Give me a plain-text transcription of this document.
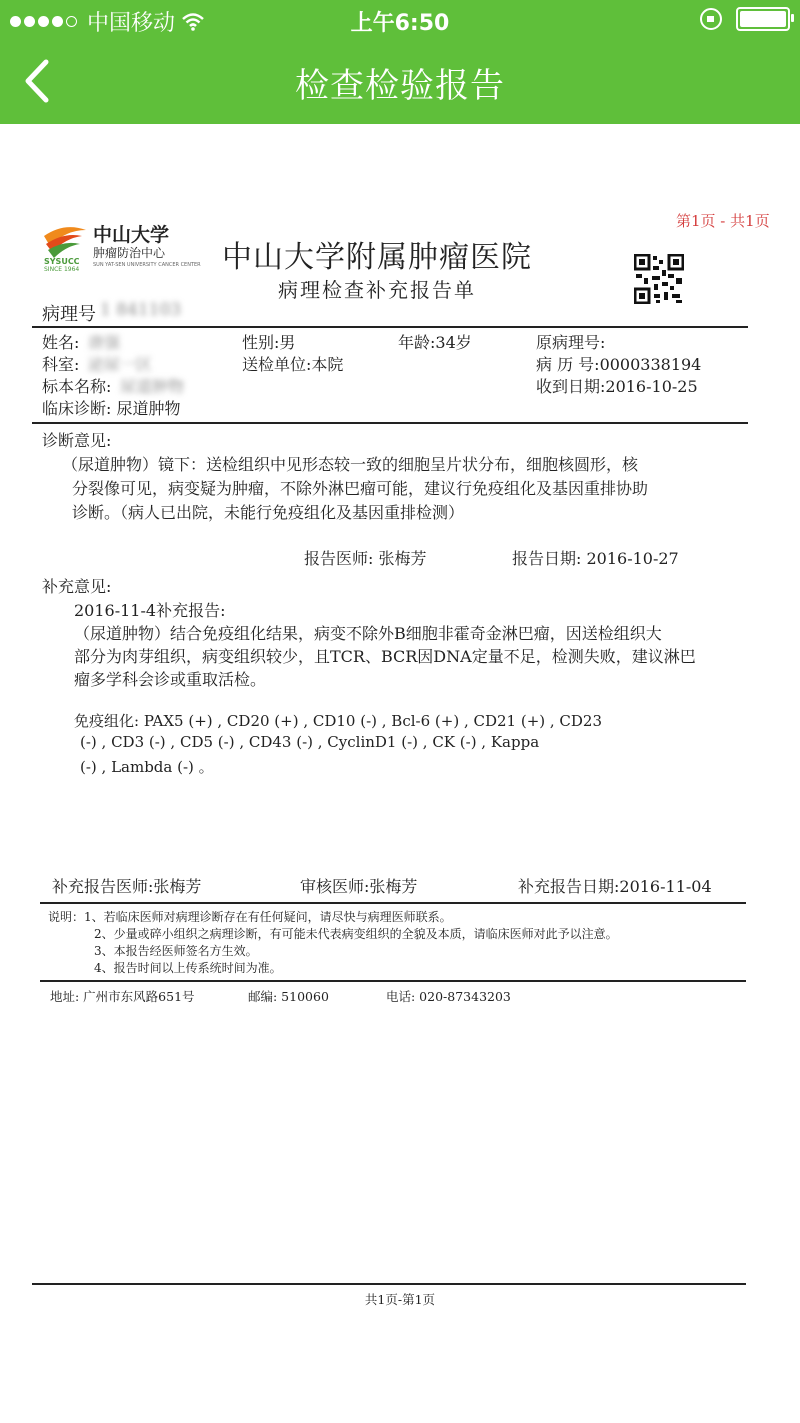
中国移动	上午6:50
检查检验报告
中山大学
肿瘤防治中心
SYSUCC
SINCE 1964
SUN YAT-SEN UNIVERSITY CANCER CENTER
第1页 - 共1页
中山大学附属肿瘤医院
病理检查补充报告单
病理号 1 841103
姓名: 唐强	性别:男	年龄:34岁	原病理号:
科室: 泌尿一区	送检单位:本院	病 历 号:0000338194
标本名称: 尿道肿物	收到日期:2016-10-25
临床诊断: 尿道肿物
诊断意见:
（尿道肿物）镜下：送检组织中见形态较一致的细胞呈片状分布，细胞核圆形，核
分裂像可见，病变疑为肿瘤，不除外淋巴瘤可能，建议行免疫组化及基因重排协助
诊断。（病人已出院，未能行免疫组化及基因重排检测）
报告医师: 张梅芳	报告日期: 2016-10-27
补充意见:
2016-11-4补充报告:
（尿道肿物）结合免疫组化结果，病变不除外B细胞非霍奇金淋巴瘤，因送检组织大
部分为肉芽组织，病变组织较少，且TCR、BCR因DNA定量不足，检测失败，建议淋巴
瘤多学科会诊或重取活检。
免疫组化: PAX5 (+) , CD20 (+) , CD10 (-) , Bcl-6 (+) , CD21 (+) , CD23
(-) , CD3 (-) , CD5 (-) , CD43 (-) , CyclinD1 (-) , CK (-) , Kappa
(-) , Lambda (-) 。
补充报告医师:张梅芳	审核医师:张梅芳	补充报告日期:2016-11-04
说明：1、若临床医师对病理诊断存在有任何疑问，请尽快与病理医师联系。
2、少量或碎小组织之病理诊断，有可能未代表病变组织的全貌及本质，请临床医师对此予以注意。
3、本报告经医师签名方生效。
4、报告时间以上传系统时间为准。
地址: 广州市东风路651号	邮编: 510060	电话: 020-87343203
共1页-第1页
